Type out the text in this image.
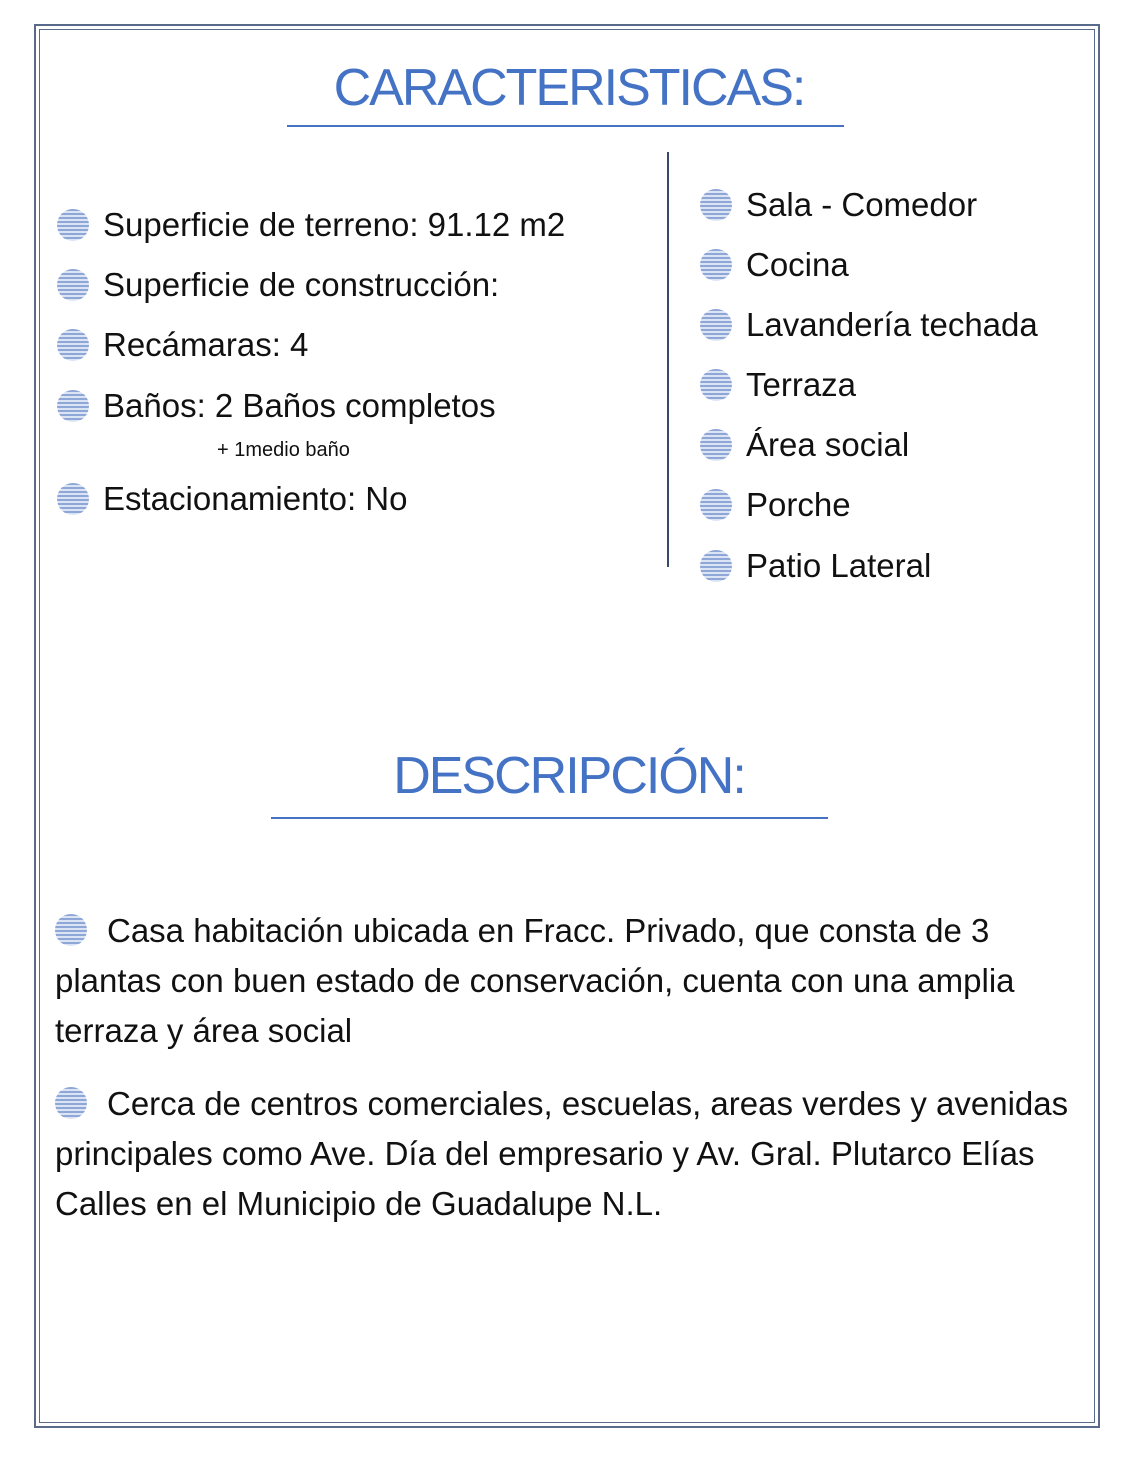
CARACTERISTICAS:
Superficie de terreno: 91.12 m2
Superficie de construcción:
Recámaras: 4
Baños: 2 Baños completos
+ 1medio baño
Estacionamiento: No
Sala - Comedor
Cocina
Lavandería techada
Terraza
Área social
Porche
Patio Lateral
DESCRIPCIÓN:

Casa habitación ubicada en Fracc. Privado, que consta de 3 plantas con buen estado de conservación, cuenta con una amplia terraza y área social

Cerca de centros comerciales, escuelas, areas verdes y avenidas principales como Ave. Día del empresario y Av. Gral. Plutarco Elías Calles en el Municipio de Guadalupe N.L.
